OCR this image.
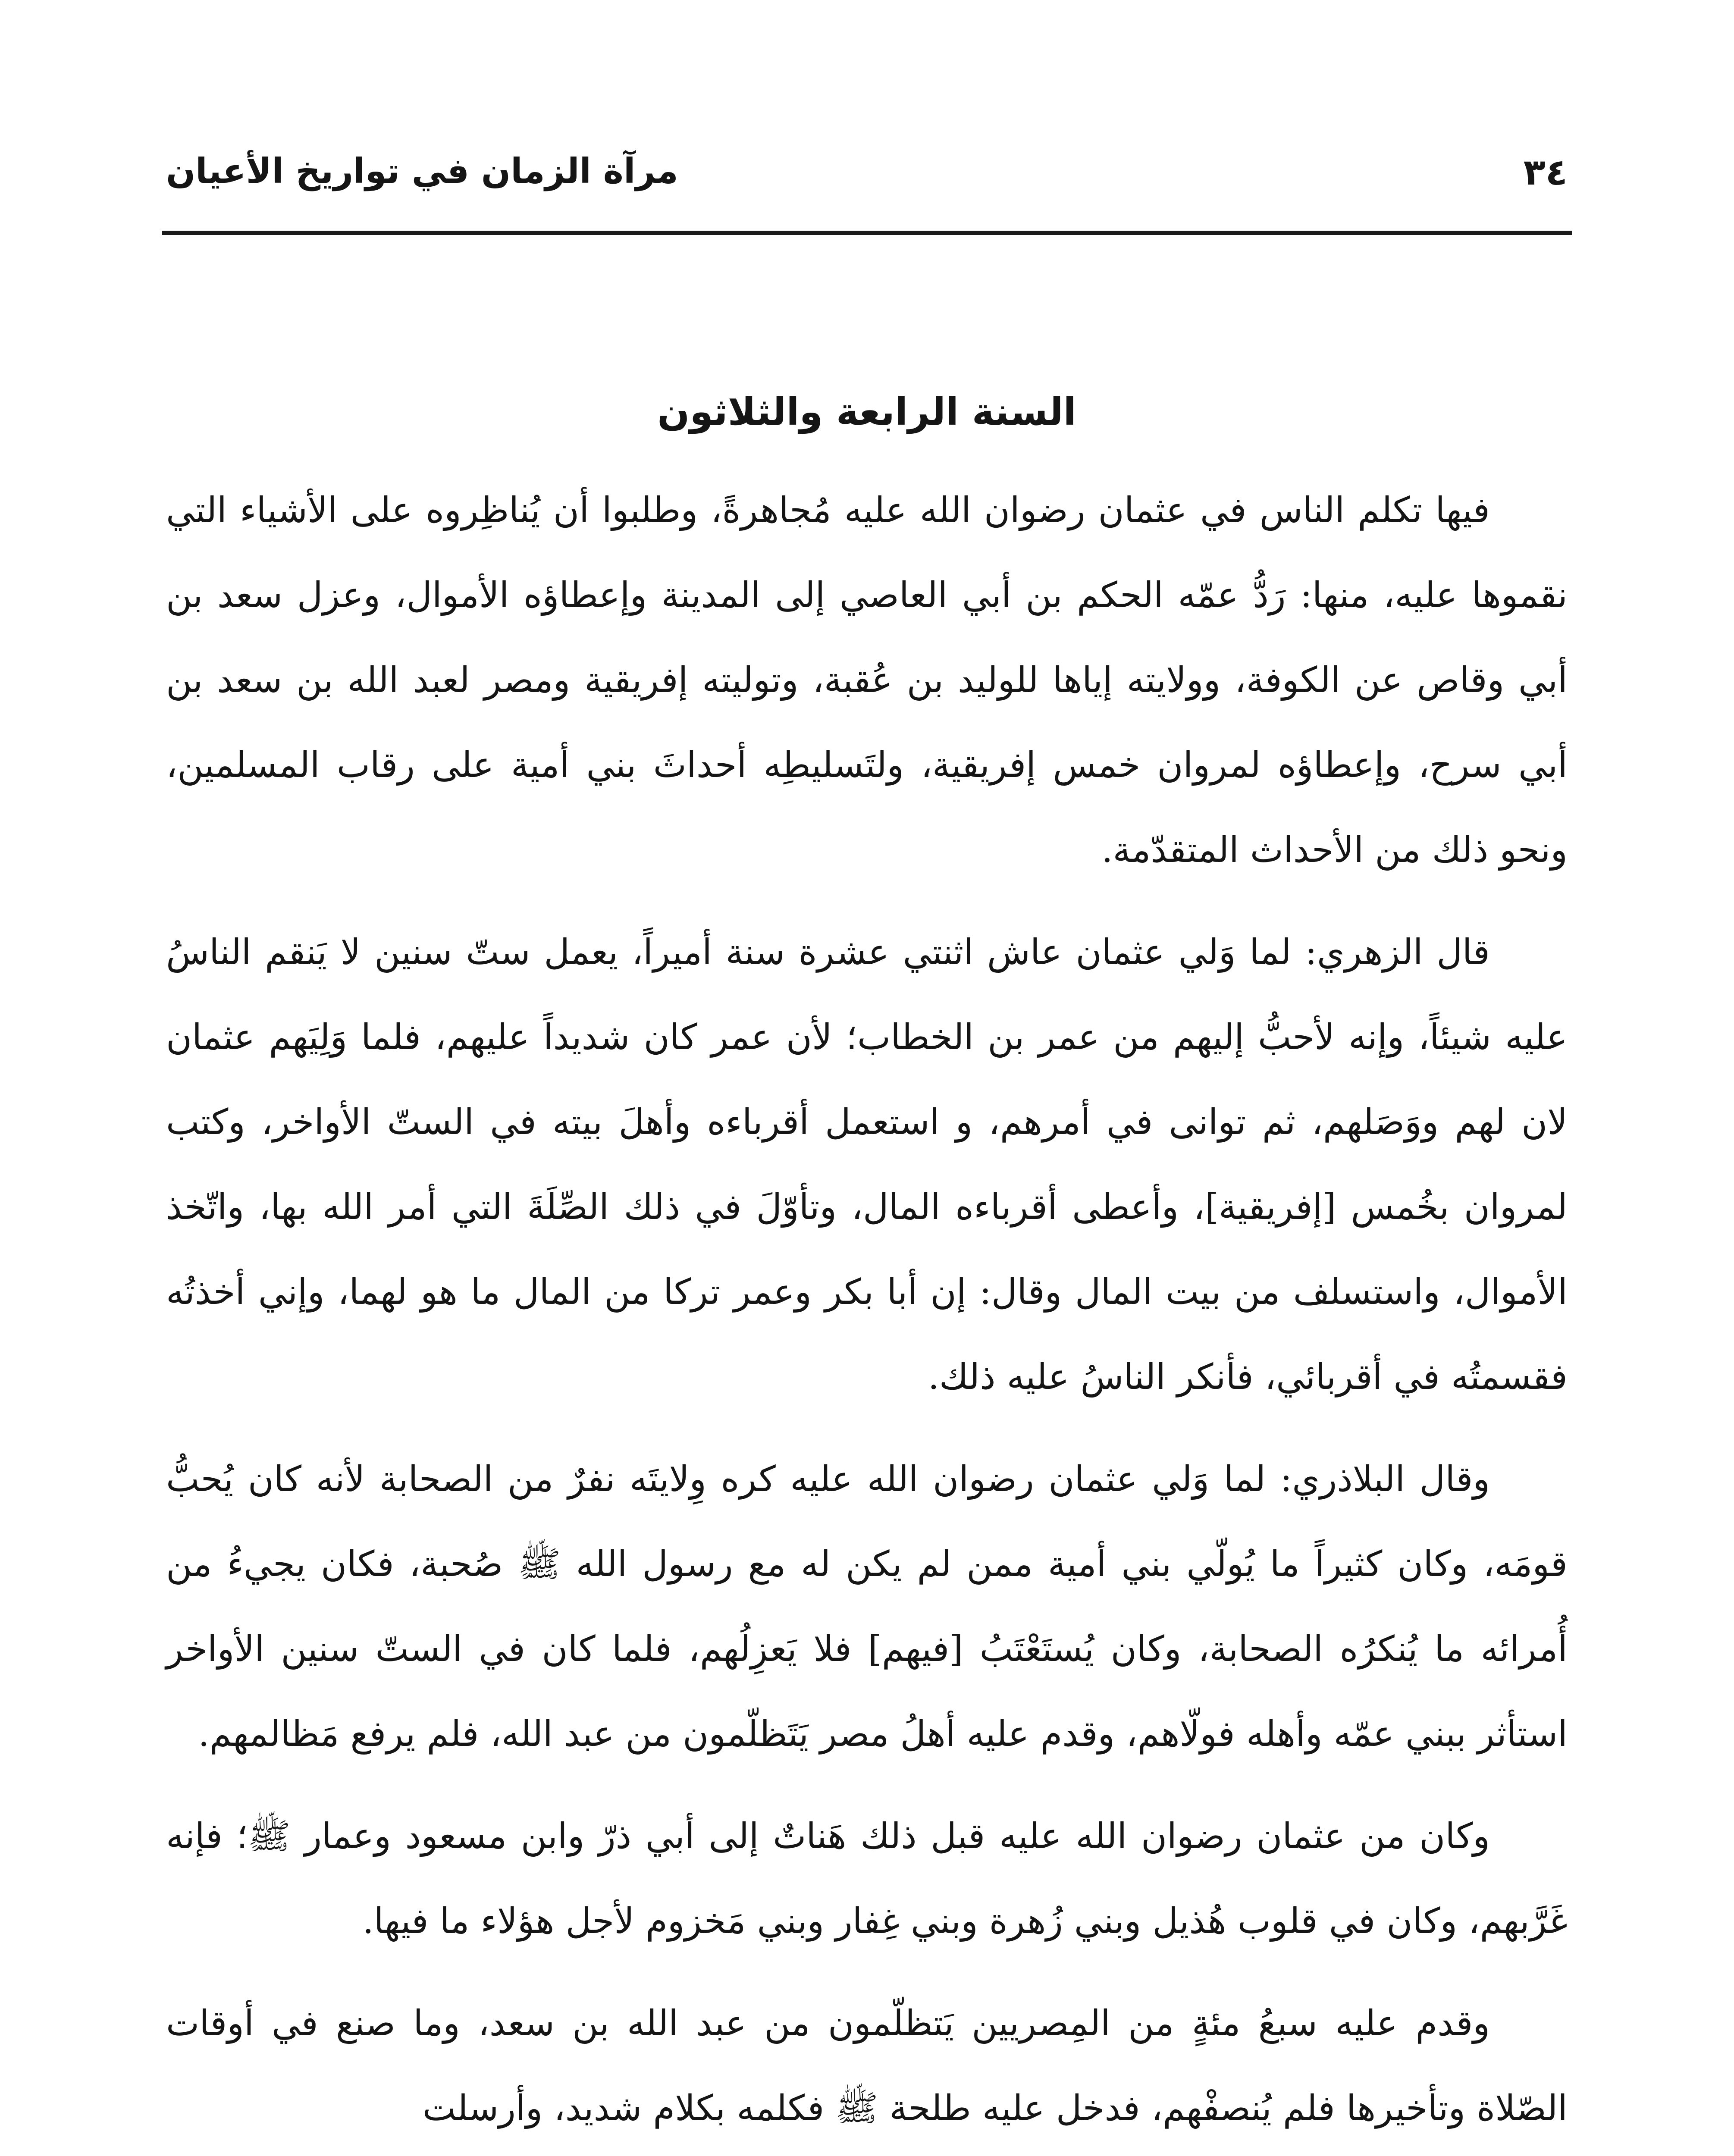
٣٤
مرآة الزمان في تواريخ الأعيان
السنة الرابعة والثلاثون

فيها تكلم الناس في عثمان رضوان الله عليه مُجاهرةً، وطلبوا أن يُناظِروه على الأشياء التي نقموها عليه، منها: رَدُّ عمّه الحكم بن أبي العاصي إلى المدينة وإعطاؤه الأموال، وعزل سعد بن أبي وقاص عن الكوفة، وولايته إياها للوليد بن عُقبة، وتوليته إفريقية ومصر لعبد الله بن سعد بن أبي سرح، وإعطاؤه لمروان خمس إفريقية، ولتَسليطِه أحداثَ بني أمية على رقاب المسلمين، ونحو ذلك من الأحداث المتقدّمة.

قال الزهري: لما وَلي عثمان عاش اثنتي عشرة سنة أميراً، يعمل ستّ سنين لا يَنقم الناسُ عليه شيئاً، وإنه لأحبُّ إليهم من عمر بن الخطاب؛ لأن عمر كان شديداً عليهم، فلما وَلِيَهم عثمان لان لهم ووَصَلهم، ثم توانى في أمرهم، و استعمل أقرباءه وأهلَ بيته في الستّ الأواخر، وكتب لمروان بخُمس [إفريقية]، وأعطى أقرباءه المال، وتأوّلَ في ذلك الصِّلَةَ التي أمر الله بها، واتّخذ الأموال، واستسلف من بيت المال وقال: إن أبا بكر وعمر تركا من المال ما هو لهما، وإني أخذتُه فقسمتُه في أقربائي، فأنكر الناسُ عليه ذلك.

وقال البلاذري: لما وَلي عثمان رضوان الله عليه كره وِلايتَه نفرٌ من الصحابة لأنه كان يُحبُّ قومَه، وكان كثيراً ما يُولّي بني أمية ممن لم يكن له مع رسول الله ﷺ صُحبة، فكان يجيءُ من أُمرائه ما يُنكرُه الصحابة، وكان يُستَعْتَبُ [فيهم] فلا يَعزِلُهم، فلما كان في الستّ سنين الأواخر استأثر ببني عمّه وأهله فولّاهم، وقدم عليه أهلُ مصر يَتَظلّمون من عبد الله، فلم يرفع مَظالمهم.

وكان من عثمان رضوان الله عليه قبل ذلك هَناتٌ إلى أبي ذرّ وابن مسعود وعمار ﷺ؛ فإنه غَرَّبهم، وكان في قلوب هُذيل وبني زُهرة وبني غِفار وبني مَخزوم لأجل هؤلاء ما فيها.

وقدم عليه سبعُ مئةٍ من المِصريين يَتظلّمون من عبد الله بن سعد، وما صنع في أوقات الصّلاة وتأخيرها فلم يُنصفْهم، فدخل عليه طلحة ﷺ فكلمه بكلام شديد، وأرسلت
